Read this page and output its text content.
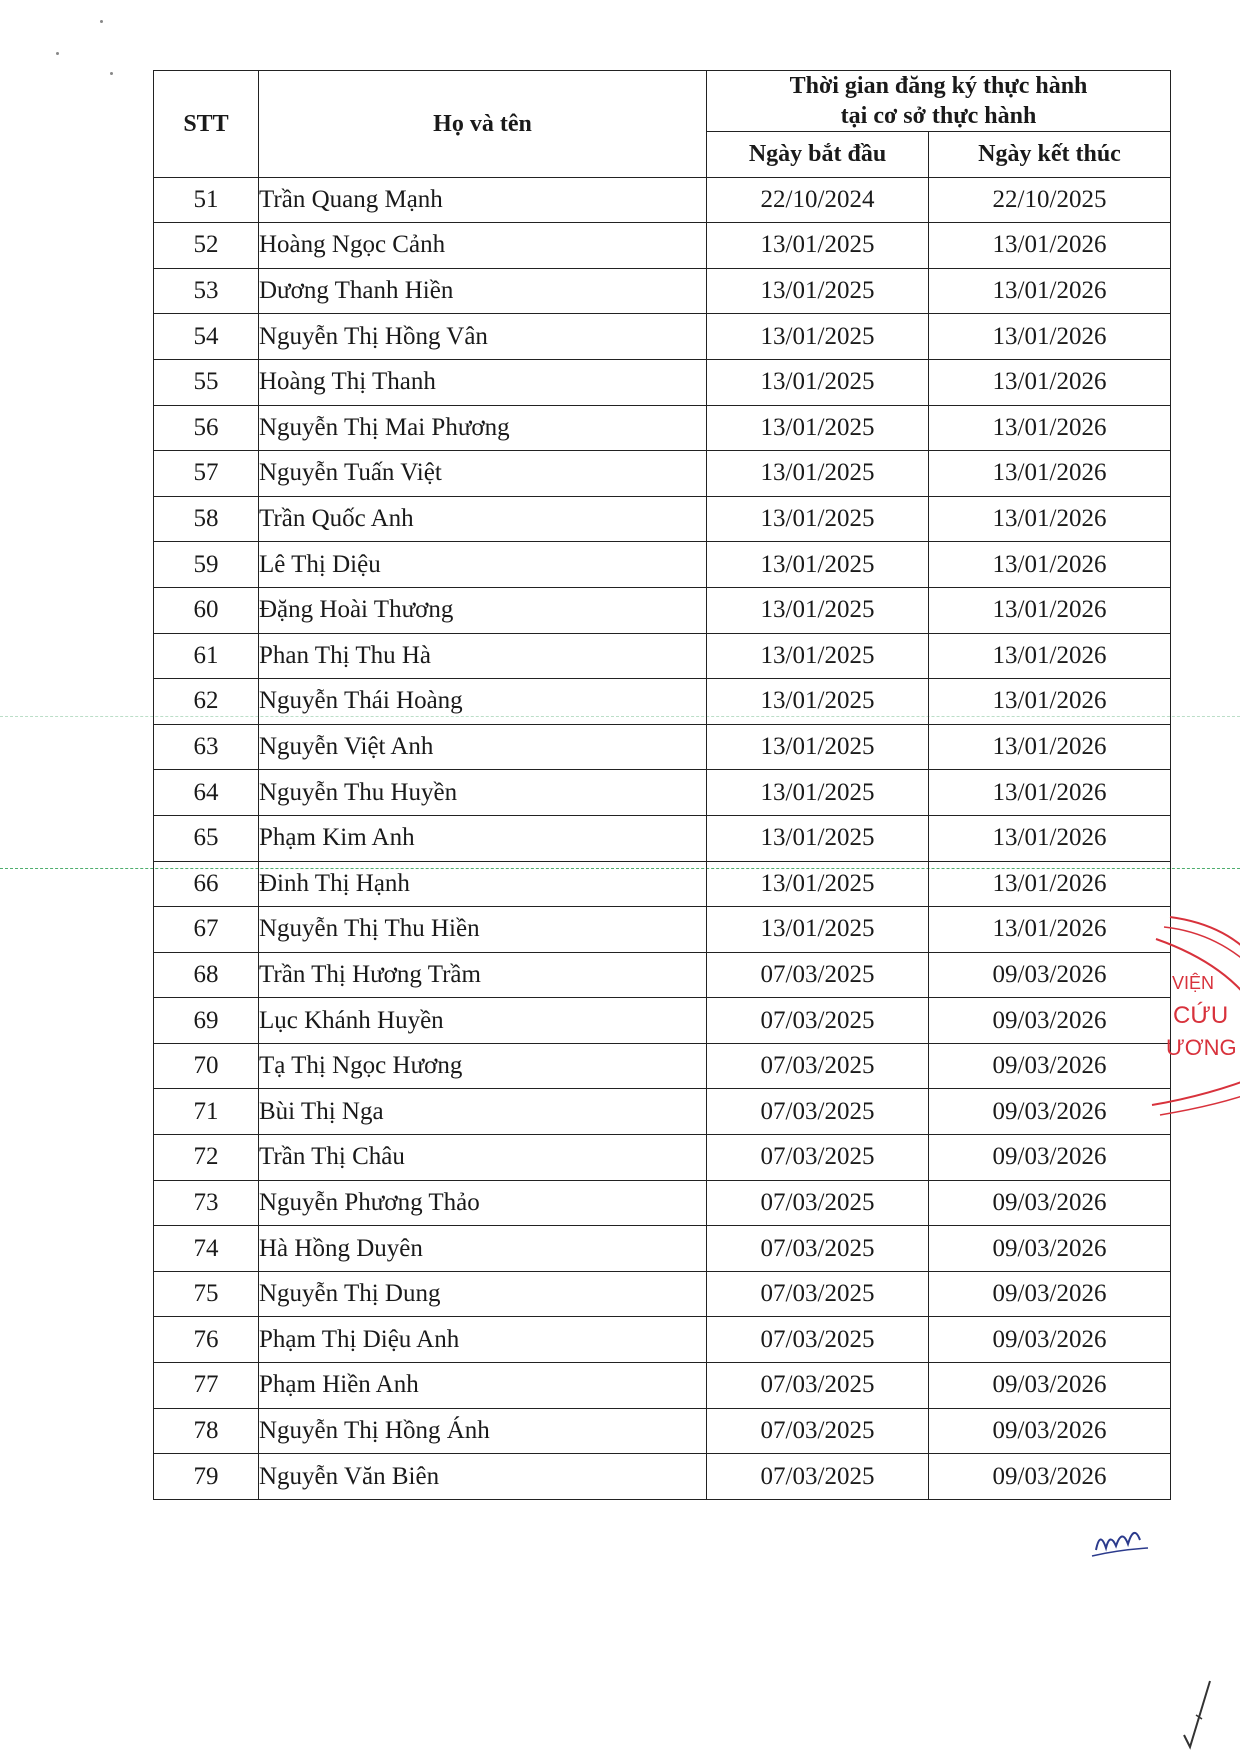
STT	Họ và tên	Thời gian đăng ký thực hành
tại cơ sở thực hành	
		Ngày bắt đầu	Ngày kết thúc
51	Trần Quang Mạnh	22/10/2024	22/10/2025
52	Hoàng Ngọc Cảnh	13/01/2025	13/01/2026
53	Dương Thanh Hiền	13/01/2025	13/01/2026
54	Nguyễn Thị Hồng Vân	13/01/2025	13/01/2026
55	Hoàng Thị Thanh	13/01/2025	13/01/2026
56	Nguyễn Thị Mai Phương	13/01/2025	13/01/2026
57	Nguyễn Tuấn Việt	13/01/2025	13/01/2026
58	Trần Quốc Anh	13/01/2025	13/01/2026
59	Lê Thị Diệu	13/01/2025	13/01/2026
60	Đặng Hoài Thương	13/01/2025	13/01/2026
61	Phan Thị Thu Hà	13/01/2025	13/01/2026
62	Nguyễn Thái Hoàng	13/01/2025	13/01/2026
63	Nguyễn Việt Anh	13/01/2025	13/01/2026
64	Nguyễn Thu Huyền	13/01/2025	13/01/2026
65	Phạm Kim Anh	13/01/2025	13/01/2026
66	Đinh Thị Hạnh	13/01/2025	13/01/2026
67	Nguyễn Thị Thu Hiền	13/01/2025	13/01/2026
68	Trần Thị Hương Trầm	07/03/2025	09/03/2026
69	Lục Khánh Huyền	07/03/2025	09/03/2026
70	Tạ Thị Ngọc Hương	07/03/2025	09/03/2026
71	Bùi Thị Nga	07/03/2025	09/03/2026
72	Trần Thị Châu	07/03/2025	09/03/2026
73	Nguyễn Phương Thảo	07/03/2025	09/03/2026
74	Hà Hồng Duyên	07/03/2025	09/03/2026
75	Nguyễn Thị Dung	07/03/2025	09/03/2026
76	Phạm Thị Diệu Anh	07/03/2025	09/03/2026
77	Phạm Hiền Anh	07/03/2025	09/03/2026
78	Nguyễn Thị Hồng Ánh	07/03/2025	09/03/2026
79	Nguyễn Văn Biên	07/03/2025	09/03/2026
VIỆN
CỨU
ƯƠNG
